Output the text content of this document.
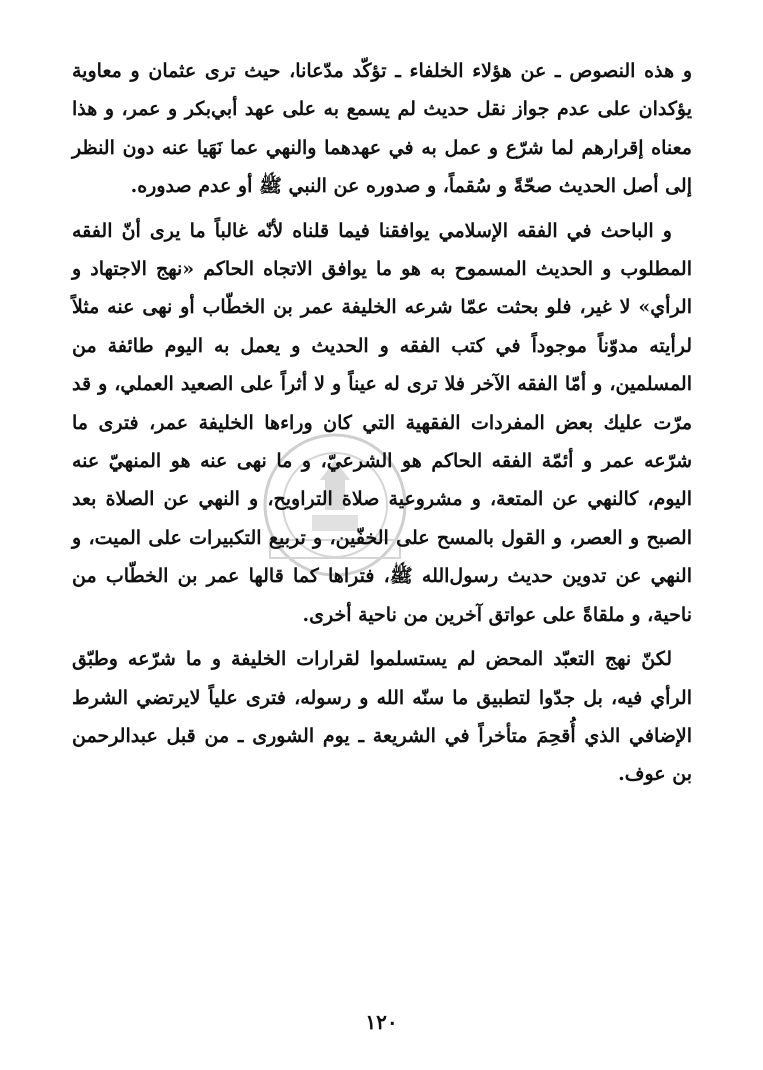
و هذه النصوص ـ عن هؤلاء الخلفاء ـ تؤكّد مدّعانا، حيث ترى عثمان و معاوية يؤكدان على عدم جواز نقل حديث لم يسمع به على عهد أبي‌بكر و عمر، و هذا معناه إقرارهم لما شرّع و عمل به في عهدهما والنهي عما نَهَيا عنه دون النظر إلى أصل الحديث صحّةً و سُقماً، و صدوره عن النبي ﷺ أو عدم صدوره.

و الباحث في الفقه الإسلامي يوافقنا فيما قلناه لأنّه غالباً ما يرى أنّ الفقه المطلوب و الحديث المسموح به هو ما يوافق الاتجاه الحاكم «نهج الاجتهاد و الرأي» لا غير، فلو بحثت عمّا شرعه الخليفة عمر بن الخطّاب أو نهى عنه مثلاً لرأيته مدوّناً موجوداً في كتب الفقه و الحديث و يعمل به اليوم طائفة من المسلمين، و أمّا الفقه الآخر فلا ترى له عيناً و لا أثراً على الصعيد العملي، و قد مرّت عليك بعض المفردات الفقهية التي كان وراءها الخليفة عمر، فترى ما شرّعه عمر و أئمّة الفقه الحاكم هو الشرعيّ، و ما نهى عنه هو المنهيّ عنه اليوم، كالنهي عن المتعة، و مشروعية صلاة التراويح، و النهي عن الصلاة بعد الصبح و العصر، و القول بالمسح على الخفّين، و تربيع التكبيرات على الميت، و النهي عن تدوين حديث رسول‌الله ﷺ، فتراها كما قالها عمر بن الخطّاب من ناحية، و ملقاةً على عواتق آخرين من ناحية أخرى.

لكنّ نهج التعبّد المحض لم يستسلموا لقرارات الخليفة و ما شرّعه وطبّق الرأي فيه، بل جدّوا لتطبيق ما سنّه الله و رسوله، فترى علياً لايرتضي الشرط الإضافي الذي أُقحِمَ متأخراً في الشريعة ـ يوم الشورى ـ من قبل عبدالرحمن بن عوف.

١٢٠
